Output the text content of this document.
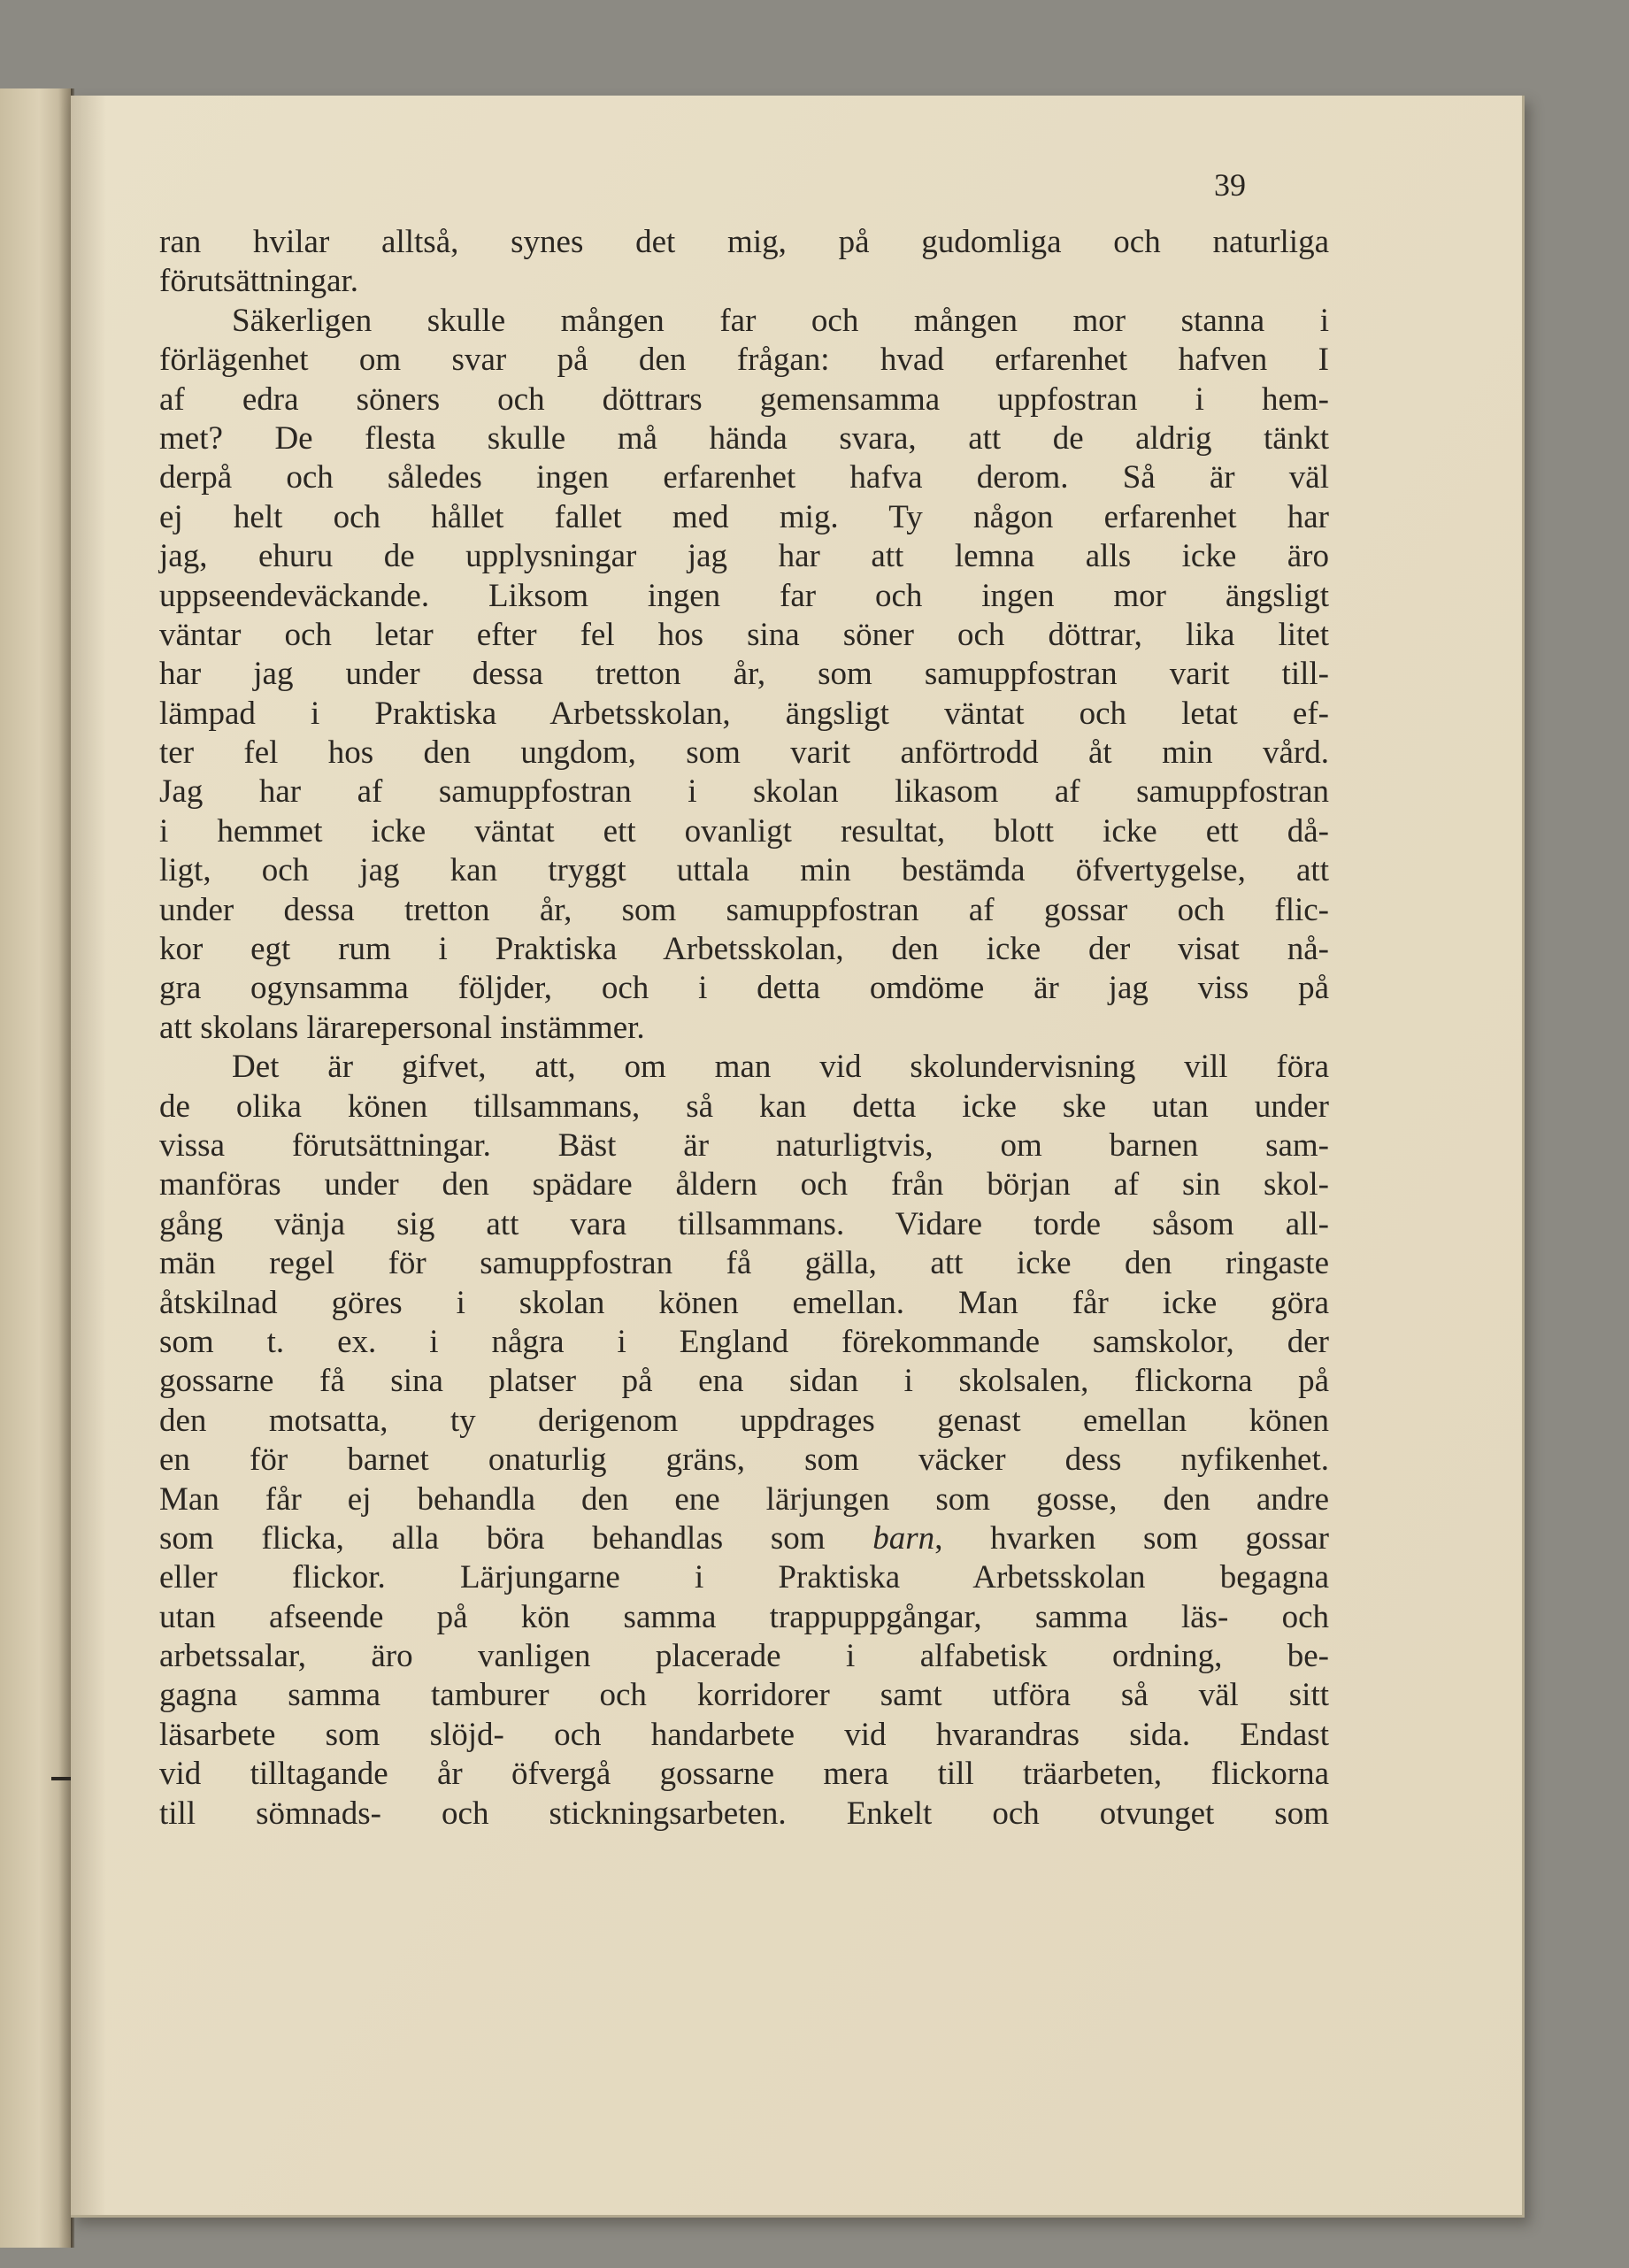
39
ran hvilar alltså, synes det mig, på gudomliga och naturliga
förutsättningar.
Säkerligen skulle mången far och mången mor stanna i
förlägenhet om svar på den frågan: hvad erfarenhet hafven I
af edra söners och döttrars gemensamma uppfostran i hem-
met? De flesta skulle må hända svara, att de aldrig tänkt
derpå och således ingen erfarenhet hafva derom. Så är väl
ej helt och hållet fallet med mig. Ty någon erfarenhet har
jag, ehuru de upplysningar jag har att lemna alls icke äro
uppseendeväckande. Liksom ingen far och ingen mor ängsligt
väntar och letar efter fel hos sina söner och döttrar, lika litet
har jag under dessa tretton år, som samuppfostran varit till-
lämpad i Praktiska Arbetsskolan, ängsligt väntat och letat ef-
ter fel hos den ungdom, som varit anförtrodd åt min vård.
Jag har af samuppfostran i skolan likasom af samuppfostran
i hemmet icke väntat ett ovanligt resultat, blott icke ett då-
ligt, och jag kan tryggt uttala min bestämda öfvertygelse, att
under dessa tretton år, som samuppfostran af gossar och flic-
kor egt rum i Praktiska Arbetsskolan, den icke der visat nå-
gra ogynsamma följder, och i detta omdöme är jag viss på
att skolans lärarepersonal instämmer.
Det är gifvet, att, om man vid skolundervisning vill föra
de olika könen tillsammans, så kan detta icke ske utan under
vissa förutsättningar. Bäst är naturligtvis, om barnen sam-
manföras under den spädare åldern och från början af sin skol-
gång vänja sig att vara tillsammans. Vidare torde såsom all-
män regel för samuppfostran få gälla, att icke den ringaste
åtskilnad göres i skolan könen emellan. Man får icke göra
som t. ex. i några i England förekommande samskolor, der
gossarne få sina platser på ena sidan i skolsalen, flickorna på
den motsatta, ty derigenom uppdrages genast emellan könen
en för barnet onaturlig gräns, som väcker dess nyfikenhet.
Man får ej behandla den ene lärjungen som gosse, den andre
som flicka, alla böra behandlas som barn, hvarken som gossar
eller flickor. Lärjungarne i Praktiska Arbetsskolan begagna
utan afseende på kön samma trappuppgångar, samma läs- och
arbetssalar, äro vanligen placerade i alfabetisk ordning, be-
gagna samma tamburer och korridorer samt utföra så väl sitt
läsarbete som slöjd- och handarbete vid hvarandras sida. Endast
vid tilltagande år öfvergå gossarne mera till träarbeten, flickorna
till sömnads- och stickningsarbeten. Enkelt och otvunget som
